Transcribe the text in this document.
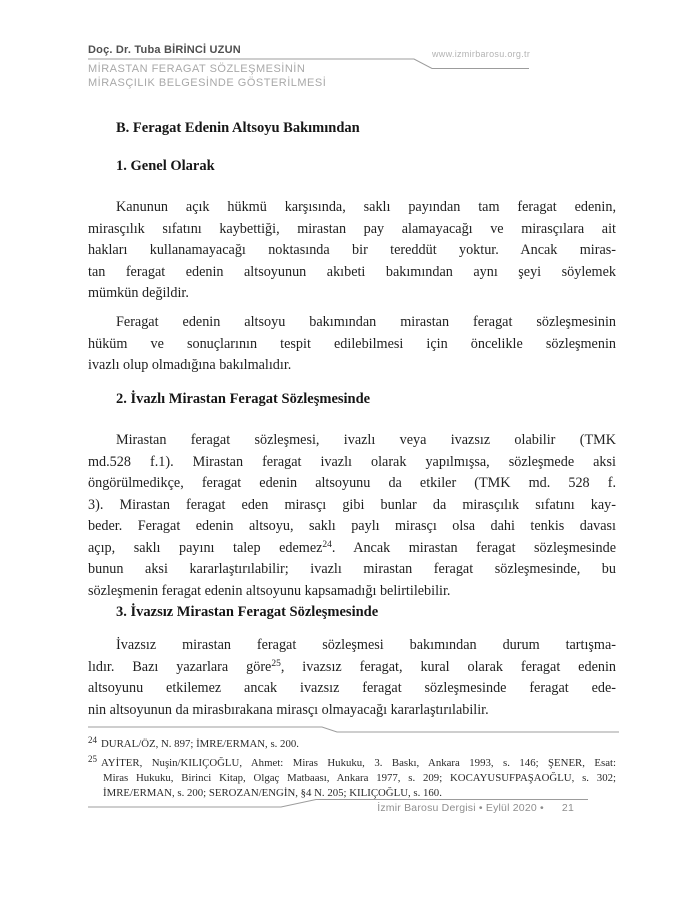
Doç. Dr. Tuba BİRİNCİ UZUN	www.izmirbarosu.org.tr
MİRASTAN FERAGAT SÖZLEŞMESİNİN
MİRASÇILIK BELGESİNDE GÖSTERİLMESİ
B. Feragat Edenin Altsoyu Bakımından
1. Genel Olarak
Kanunun açık hükmü karşısında, saklı payından tam feragat edenin,
mirasçılık sıfatını kaybettiği, mirastan pay alamayacağı ve mirasçılara ait
hakları kullanamayacağı noktasında bir tereddüt yoktur. Ancak miras-
tan feragat edenin altsoyunun akıbeti bakımından aynı şeyi söylemek
mümkün değildir.
Feragat edenin altsoyu bakımından mirastan feragat sözleşmesinin
hüküm ve sonuçlarının tespit edilebilmesi için öncelikle sözleşmenin
ivazlı olup olmadığına bakılmalıdır.
2. İvazlı Mirastan Feragat Sözleşmesinde
Mirastan feragat sözleşmesi, ivazlı veya ivazsız olabilir (TMK
md.528 f.1). Mirastan feragat ivazlı olarak yapılmışsa, sözleşmede aksi
öngörülmedikçe, feragat edenin altsoyunu da etkiler (TMK md. 528 f.
3). Mirastan feragat eden mirasçı gibi bunlar da mirasçılık sıfatını kay-
beder. Feragat edenin altsoyu, saklı paylı mirasçı olsa dahi tenkis davası
açıp, saklı payını talep edemez$^{24}$. Ancak mirastan feragat sözleşmesinde
bunun aksi kararlaştırılabilir; ivazlı mirastan feragat sözleşmesinde, bu
sözleşmenin feragat edenin altsoyunu kapsamadığı belirtilebilir.
3. İvazsız Mirastan Feragat Sözleşmesinde
İvazsız mirastan feragat sözleşmesi bakımından durum tartışma-
lıdır. Bazı yazarlara göre$^{25}$, ivazsız feragat, kural olarak feragat edenin
altsoyunu etkilemez ancak ivazsız feragat sözleşmesinde feragat ede-
nin altsoyunun da mirasbırakana mirasçı olmayacağı kararlaştırılabilir.
$^{24}$ DURAL/ÖZ, N. 897; İMRE/ERMAN, s. 200.
$^{25}$ AYİTER, Nuşin/KILIÇOĞLU, Ahmet: Miras Hukuku, 3. Baskı, Ankara 1993, s. 146; ŞENER, Esat:
Miras Hukuku, Birinci Kitap, Olgaç Matbaası, Ankara 1977, s. 209; KOCAYUSUFPAŞAOĞLU, s. 302;
İMRE/ERMAN, s. 200; SEROZAN/ENGİN, §4 N. 205; KILIÇOĞLU, s. 160.
İzmir Barosu Dergisi • Eylül 2020 • 21
